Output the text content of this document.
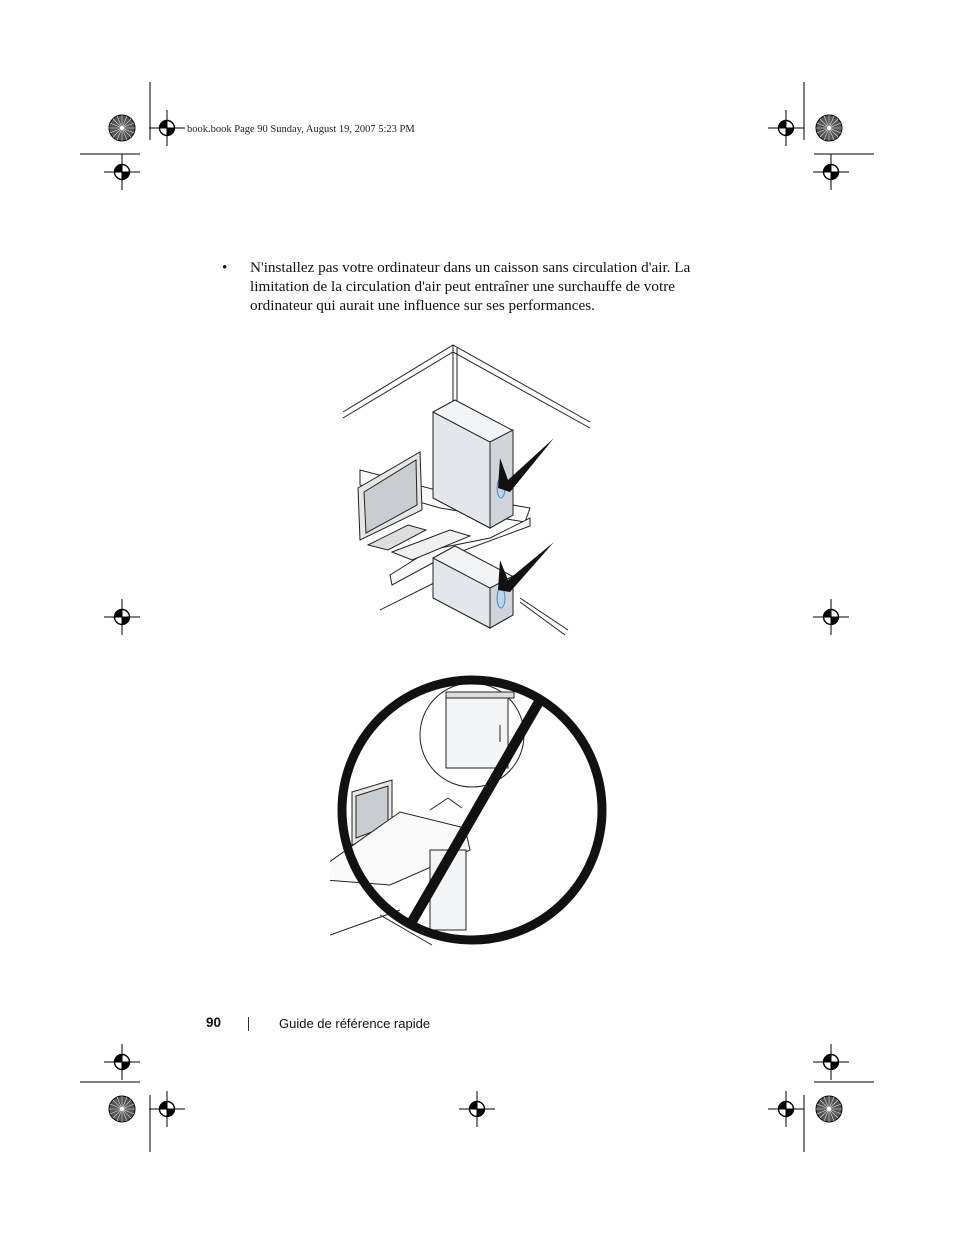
book.book Page 90 Sunday, August 19, 2007 5:23 PM
•	N'installez pas votre ordinateur dans un caisson sans circulation d'air. La
limitation de la circulation d'air peut entraîner une surchauffe de votre
ordinateur qui aurait une influence sur ses performances.
90	Guide de référence rapide
